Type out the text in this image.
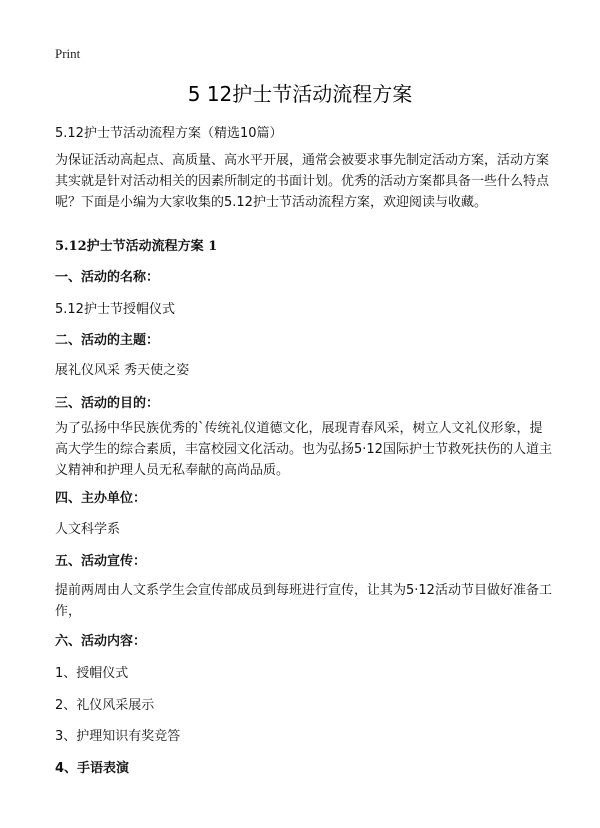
Print
5 12护士节活动流程方案
5.12护士节活动流程方案（精选10篇）

为保证活动高起点、高质量、高水平开展，通常会被要求事先制定活动方案，活动方案其实就是针对活动相关的因素所制定的书面计划。优秀的活动方案都具备一些什么特点呢？下面是小编为大家收集的5.12护士节活动流程方案，欢迎阅读与收藏。

5.12护士节活动流程方案 1
一、活动的名称：
5.12护士节授帽仪式
二、活动的主题：
展礼仪风采 秀天使之姿
三、活动的目的：

为了弘扬中华民族优秀的`传统礼仪道德文化，展现青春风采，树立人文礼仪形象，提高大学生的综合素质，丰富校园文化活动。也为弘扬5·12国际护士节救死扶伤的人道主义精神和护理人员无私奉献的高尚品质。

四、主办单位：
人文科学系
五、活动宣传：

提前两周由人文系学生会宣传部成员到每班进行宣传，让其为5·12活动节目做好准备工作，

六、活动内容：
1、授帽仪式
2、礼仪风采展示
3、护理知识有奖竞答
4、手语表演
